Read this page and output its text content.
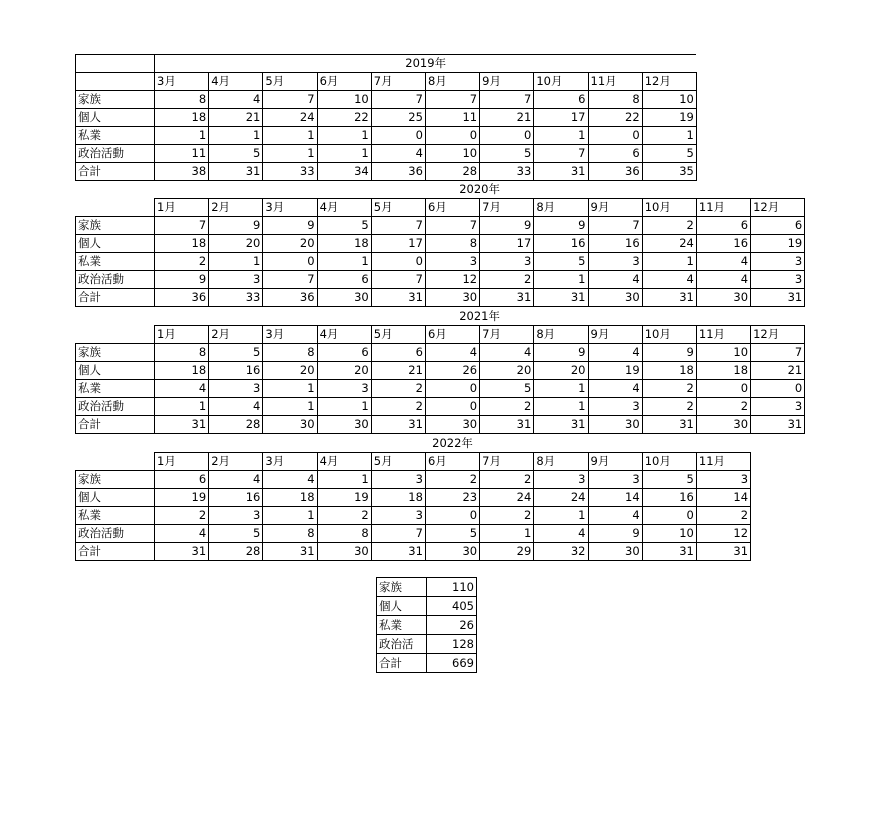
	2019年									
	3月	4月	5月	6月	7月	8月	9月	10月	11月	12月
家族	8	4	7	10	7	7	7	6	8	10
個人	18	21	24	22	25	11	21	17	22	19
私業	1	1	1	1	0	0	0	1	0	1
政治活動	11	5	1	1	4	10	5	7	6	5
合計	38	31	33	34	36	28	33	31	36	35
	2020年											
	1月	2月	3月	4月	5月	6月	7月	8月	9月	10月	11月	12月
家族	7	9	9	5	7	7	9	9	7	2	6	6
個人	18	20	20	18	17	8	17	16	16	24	16	19
私業	2	1	0	1	0	3	3	5	3	1	4	3
政治活動	9	3	7	6	7	12	2	1	4	4	4	3
合計	36	33	36	30	31	30	31	31	30	31	30	31
	2021年											
	1月	2月	3月	4月	5月	6月	7月	8月	9月	10月	11月	12月
家族	8	5	8	6	6	4	4	9	4	9	10	7
個人	18	16	20	20	21	26	20	20	19	18	18	21
私業	4	3	1	3	2	0	5	1	4	2	0	0
政治活動	1	4	1	1	2	0	2	1	3	2	2	3
合計	31	28	30	30	31	30	31	31	30	31	30	31
	2022年										
	1月	2月	3月	4月	5月	6月	7月	8月	9月	10月	11月
家族	6	4	4	1	3	2	2	3	3	5	3
個人	19	16	18	19	18	23	24	24	14	16	14
私業	2	3	1	2	3	0	2	1	4	0	2
政治活動	4	5	8	8	7	5	1	4	9	10	12
合計	31	28	31	30	31	30	29	32	30	31	31
家族	110
個人	405
私業	26
政治活	128
合計	669
